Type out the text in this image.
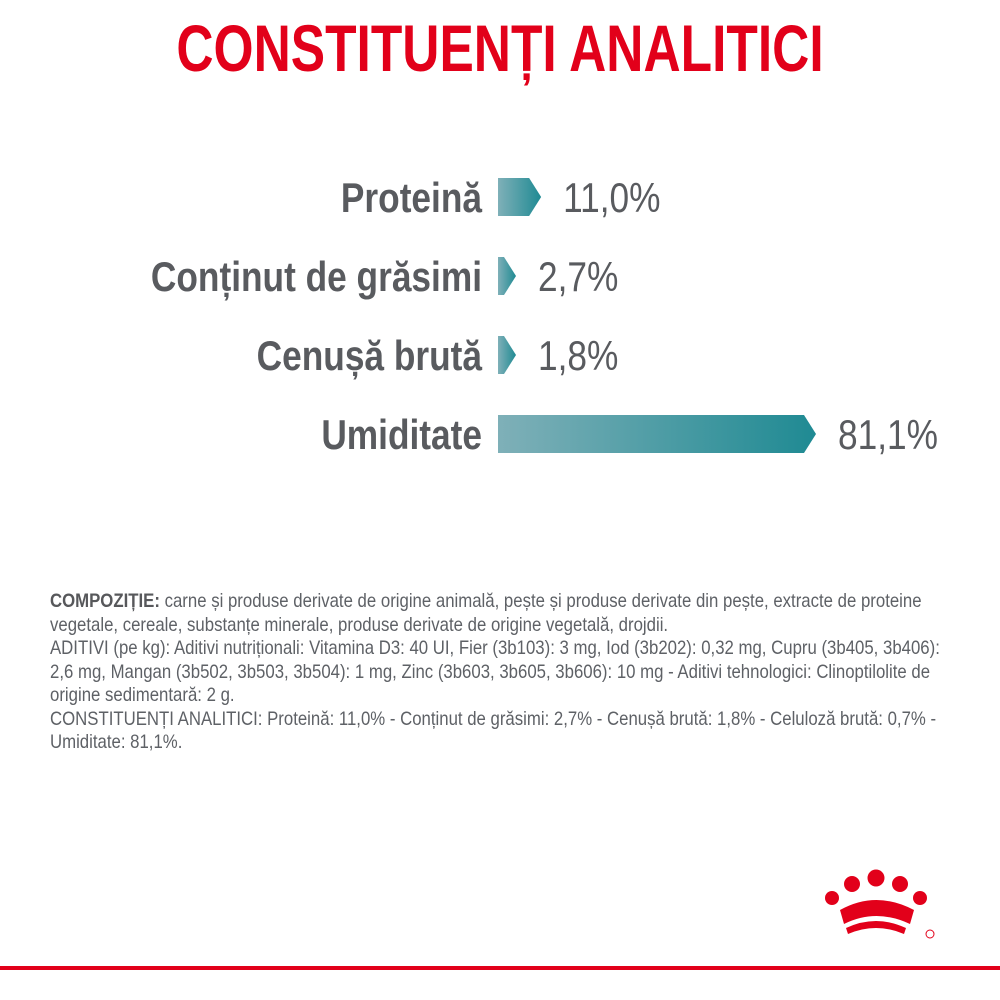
CONSTITUENȚI ANALITICI
Proteină 11,0%
Conținut de grăsimi 2,7%
Cenușă brută 1,8%
Umiditate	81,1%

COMPOZIȚIE: carne și produse derivate de origine animală, pește și produse derivate din pește, extracte de proteine vegetale, cereale, substanțe minerale, produse derivate de origine vegetală, drojdii.

ADITIVI (pe kg): Aditivi nutriționali: Vitamina D3: 40 UI, Fier (3b103): 3 mg, Iod (3b202): 0,32 mg, Cupru (3b405, 3b406): 2,6 mg, Mangan (3b502, 3b503, 3b504): 1 mg, Zinc (3b603, 3b605, 3b606): 10 mg - Aditivi tehnologici: Clinoptilolite de origine sedimentară: 2 g.

CONSTITUENȚI ANALITICI: Proteină: 11,0% - Conținut de grăsimi: 2,7% - Cenușă brută: 1,8% - Celuloză brută: 0,7% - Umiditate: 81,1%.
